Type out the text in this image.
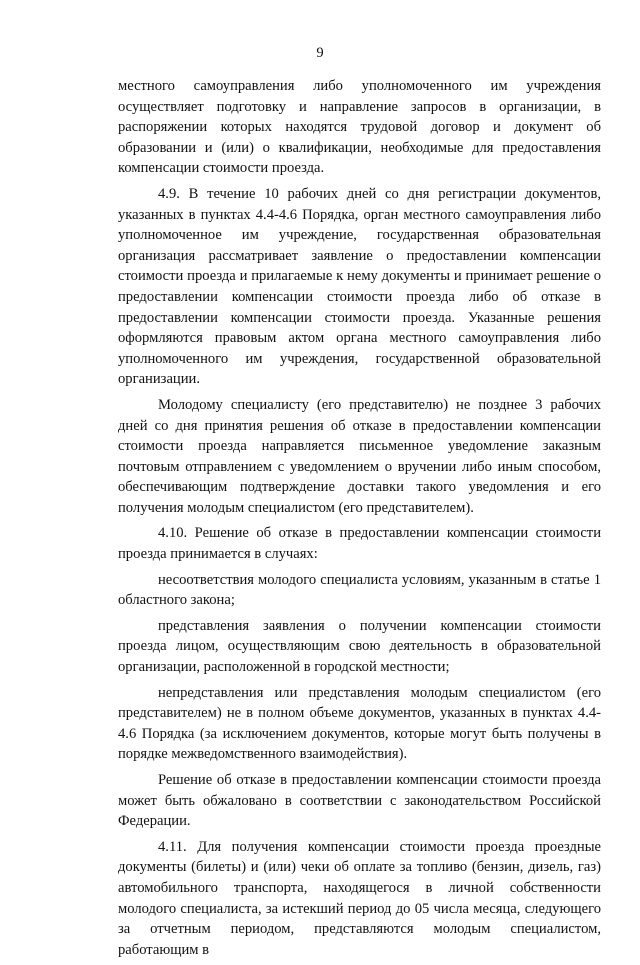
9

местного самоуправления либо уполномоченного им учреждения осуществляет подготовку и направление запросов в организации, в распоряжении которых находятся трудовой договор и документ об образовании и (или) о квалификации, необходимые для предоставления компенсации стоимости проезда.

4.9. В течение 10 рабочих дней со дня регистрации документов, указанных в пунктах 4.4-4.6 Порядка, орган местного самоуправления либо уполномоченное им учреждение, государственная образовательная организация рассматривает заявление о предоставлении компенсации стоимости проезда и прилагаемые к нему документы и принимает решение о предоставлении компенсации стоимости проезда либо об отказе в предоставлении компенсации стоимости проезда. Указанные решения оформляются правовым актом органа местного самоуправления либо уполномоченного им учреждения, государственной образовательной организации.

Молодому специалисту (его представителю) не позднее 3 рабочих дней со дня принятия решения об отказе в предоставлении компенсации стоимости проезда направляется письменное уведомление заказным почтовым отправлением с уведомлением о вручении либо иным способом, обеспечивающим подтверждение доставки такого уведомления и его получения молодым специалистом (его представителем).

4.10. Решение об отказе в предоставлении компенсации стоимости проезда принимается в случаях:

несоответствия молодого специалиста условиям, указанным в статье 1 областного закона;

представления заявления о получении компенсации стоимости проезда лицом, осуществляющим свою деятельность в образовательной организации, расположенной в городской местности;

непредставления или представления молодым специалистом (его представителем) не в полном объеме документов, указанных в пунктах 4.4-4.6 Порядка (за исключением документов, которые могут быть получены в порядке межведомственного взаимодействия).

Решение об отказе в предоставлении компенсации стоимости проезда может быть обжаловано в соответствии с законодательством Российской Федерации.

4.11. Для получения компенсации стоимости проезда проездные документы (билеты) и (или) чеки об оплате за топливо (бензин, дизель, газ) автомобильного транспорта, находящегося в личной собственности молодого специалиста, за истекший период до 05 числа месяца, следующего за отчетным периодом, представляются молодым специалистом, работающим в
